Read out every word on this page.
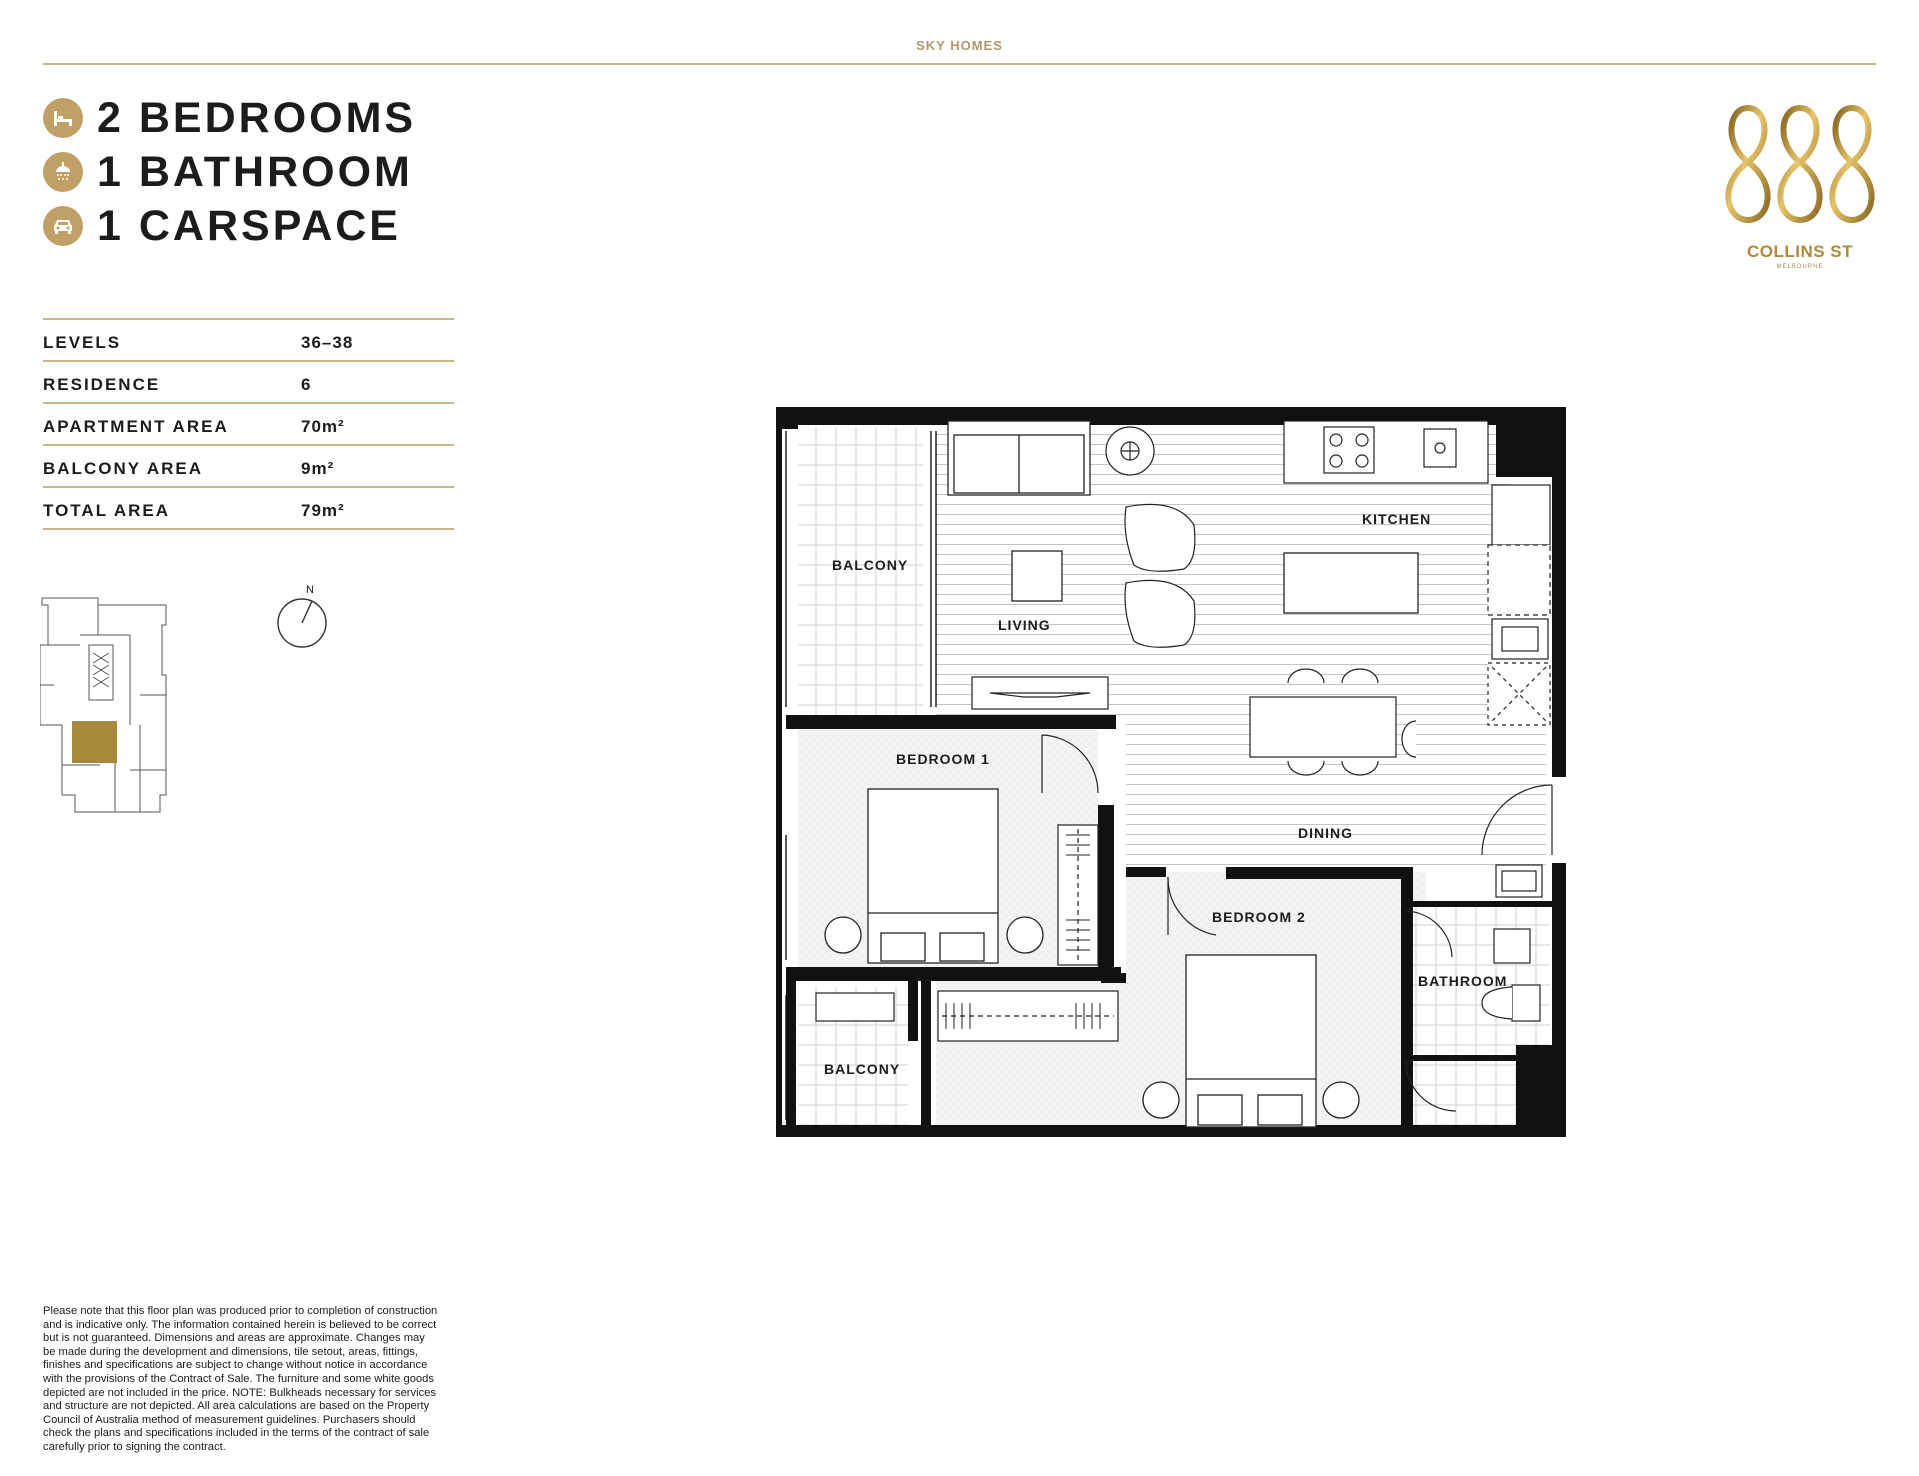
SKY HOMES
2 BEDROOMS
1 BATHROOM
1 CARSPACE
COLLINS ST
MELBOURNE
LEVELS	36–38
RESIDENCE	6
APARTMENT AREA	70m²
BALCONY AREA	9m²
TOTAL AREA	79m²
N
BALCONY
LIVING
KITCHEN
BEDROOM 1
DINING
BEDROOM 2
BATHROOM
BALCONY
Please note that this floor plan was produced prior to completion of construction and is indicative only. The information contained herein is believed to be correct but is not guaranteed. Dimensions and areas are approximate. Changes may be made during the development and dimensions, tile setout, areas, fittings, finishes and specifications are subject to change without notice in accordance with the provisions of the Contract of Sale. The furniture and some white goods depicted are not included in the price. NOTE: Bulkheads necessary for services and structure are not depicted. All area calculations are based on the Property Council of Australia method of measurement guidelines. Purchasers should check the plans and specifications included in the terms of the contract of sale carefully prior to signing the contract.
